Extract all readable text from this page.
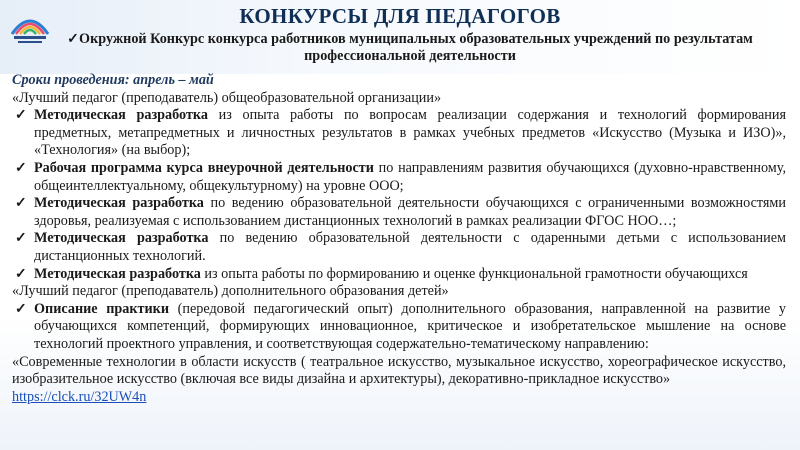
КОНКУРСЫ ДЛЯ ПЕДАГОГОВ
✓Окружной Конкурс конкурса работников муниципальных образовательных учреждений по результатам профессиональной деятельности

Сроки проведения: апрель – май

«Лучший педагог (преподаватель) общеобразовательной организации»

✓ Методическая разработка из опыта работы по вопросам реализации содержания и технологий формирования предметных, метапредметных и личностных результатов в рамках учебных предметов «Искусство (Музыка и ИЗО)», «Технология» (на выбор);

✓ Рабочая программа курса внеурочной деятельности по направлениям развития обучающихся (духовно-нравственному, общеинтеллектуальному, общекультурному) на уровне ООО;

✓ Методическая разработка по ведению образовательной деятельности обучающихся с ограниченными возможностями здоровья, реализуемая с использованием дистанционных технологий в рамках реализации ФГОС НОО…;

✓ Методическая разработка по ведению образовательной деятельности с одаренными детьми с использованием дистанционных технологий.

✓ Методическая разработка из опыта работы по формированию и оценке функциональной грамотности обучающихся

«Лучший педагог (преподаватель) дополнительного образования детей»

✓ Описание практики (передовой педагогический опыт) дополнительного образования, направленной на развитие у обучающихся компетенций, формирующих инновационное, критическое и изобретательское мышление на основе технологий проектного управления, и соответствующая содержательно-тематическому направлению:

«Современные технологии в области искусств ( театральное искусство, музыкальное искусство, хореографическое искусство, изобразительное искусство (включая все виды дизайна и архитектуры), декоративно-прикладное искусство»

https://clck.ru/32UW4n
